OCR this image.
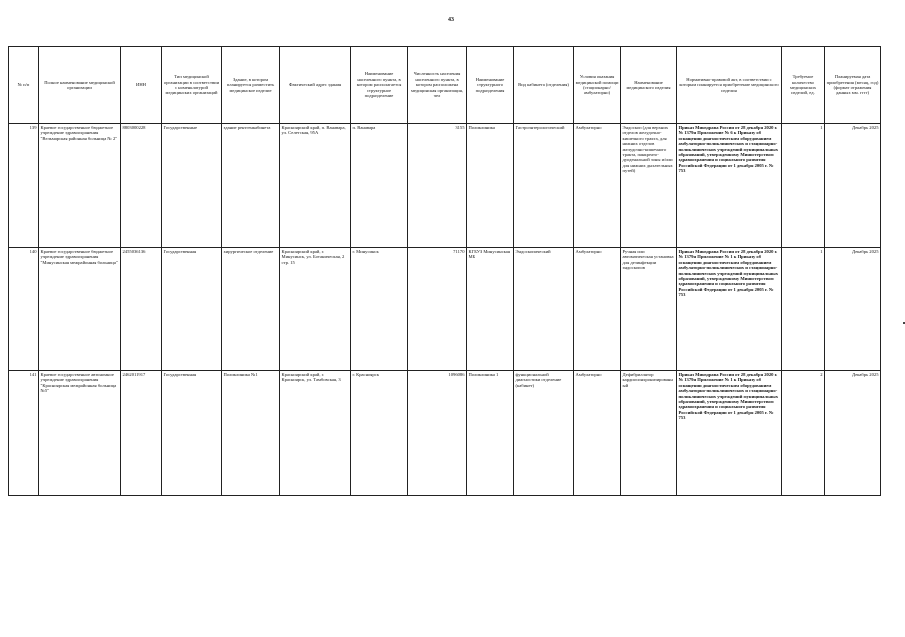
43
№ п/п	Полное наименование медицинской организации	ИНН	Тип медицинской организации в соответствии с номенклатурой медицинских организаций	Здание, в котором планируется разместить медицинское изделие	Фактический адрес здания	Наименование населенного пункта, в котором располагается структурное подразделение	Численность населения населенного пункта, в котором расположена медицинская организация, чел	Наименование структурного подразделения	Вид кабинета (отделения)	Условия оказания медицинской помощи (стационарно/ амбулаторно)	Наименование медицинского изделия	Нормативно-правовой акт, в соответствии с которым планируется приобретение медицинского изделия	Требуемое количество медицинских изделий, ед.	Планируемая дата приобретения (месяц, год) (формат отражения данных мм. гггг)
139	Краевое государственное бюджетное учреждение здравоохранения "Вельмарская районная больница № 2"	8803000228	Государственные	здание рентгенкабинета	Красноярский край, п. Ванавара, ул. Селетская, 95А	п. Ванавара	3155	Поликлиника	Гастроэнтерологический	Амбулаторно	Эндоскоп (для верхних отделов желудочно-кишечного тракта, для нижних отделов желудочно-кишечного тракта, панкреато-дуоденальной зоны и/или для нижних дыхательных путей)	Приказ Минздрава России от 28 декабря 2020 г. № 1379н Приложение № 6 к Приказу об оснащении диагностическим оборудованием амбулаторно-поликлинических и стационарно-поликлинических учреждений муниципальных образований, утвержденному Министерством здравоохранения и социального развития Российской Федерации от 1 декабря 2005 г. № 753	1	Декабрь 2025
140	Краевое государственное бюджетное учреждение здравоохранения "Минусинская межрайонная больница"	2455036136	Государственная	хирургическое отделение	Красноярский край, г. Минусинск, ул. Ботаническая, 2 стр. 15	г. Минусинск	71170	КГБУЗ Минусинская МБ	Эндоскопический	Амбулаторно	Ручная или автоматическая установка для дезинфекции эндоскопов	Приказ Минздрава России от 28 декабря 2020 г. № 1379н Приложение № 1 к Приказу об оснащении диагностическим оборудованием амбулаторно-поликлинических и стационарно-поликлинических учреждений муниципальных образований, утвержденному Министерством здравоохранения и социального развития Российской Федерации от 1 декабря 2005 г. № 753	1	Декабрь 2025
141	Краевое государственное автономное учреждение здравоохранения "Красноярская межрайонная больница №5"	2462011917	Государственная	Поликлиника №1	Красноярский край, г. Красноярск, ул. Тамбовская, 3	г. Красноярск	1096086	Поликлиника 1	функциональной диагностики отделение (кабинет)	Амбулаторно	Дефибриллятор кардиосинхронизированный	Приказ Минздрава России от 28 декабря 2020 г. № 1379н Приложение № 1 к Приказу об оснащении диагностическим оборудованием амбулаторно-поликлинических и стационарно-поликлинических учреждений муниципальных образований, утвержденному Министерством здравоохранения и социального развития Российской Федерации от 1 декабря 2005 г. № 753	2	Декабрь 2025
